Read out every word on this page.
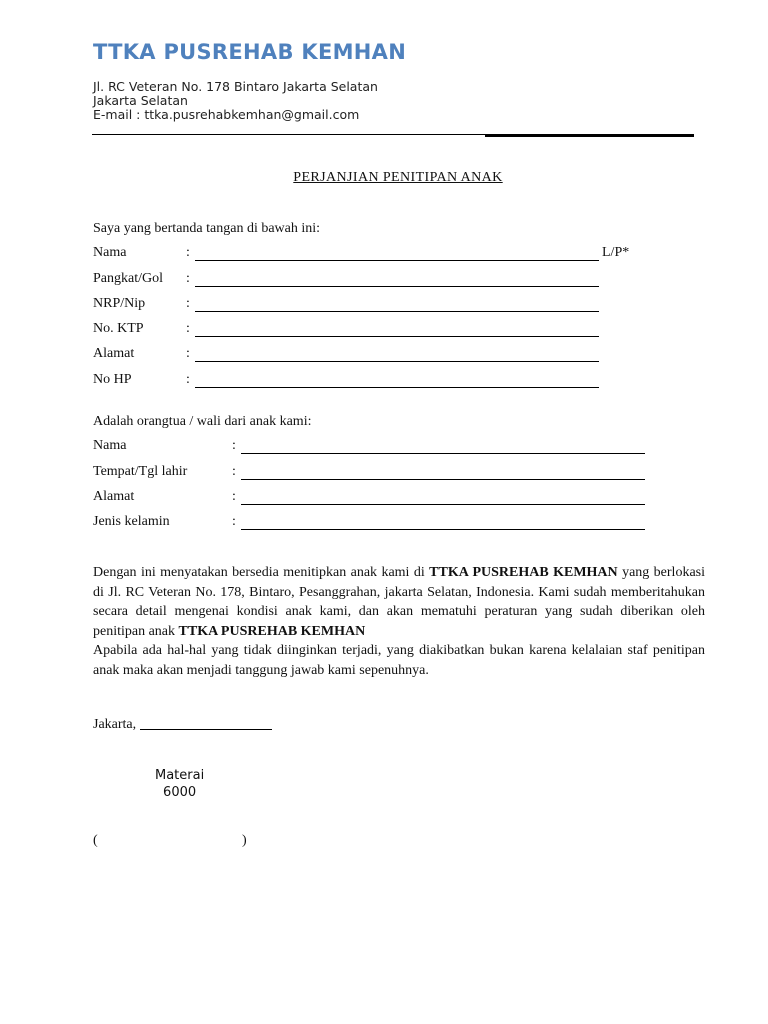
TTKA PUSREHAB KEMHAN
Jl. RC Veteran No. 178 Bintaro Jakarta Selatan
Jakarta Selatan
E-mail : ttka.pusrehabkemhan@gmail.com
PERJANJIAN PENITIPAN ANAK
Saya yang bertanda tangan di bawah ini:
Nama	:	L/P*
Pangkat/Gol :
NRP/Nip	:
No. KTP	:
Alamat	:
No HP	:
Adalah orangtua / wali dari anak kami:
Nama	:
Tempat/Tgl lahir	:
Alamat	:
Jenis kelamin	:
Dengan ini menyatakan bersedia menitipkan anak kami di TTKA PUSREHAB KEMHAN yang berlokasi di Jl. RC Veteran No. 178, Bintaro, Pesanggrahan, jakarta Selatan, Indonesia. Kami sudah memberitahukan secara detail mengenai kondisi anak kami, dan akan mematuhi peraturan yang sudah diberikan oleh penitipan anak TTKA PUSREHAB KEMHAN
Apabila ada hal-hal yang tidak diinginkan terjadi, yang diakibatkan bukan karena kelalaian staf penitipan anak maka akan menjadi tanggung jawab kami sepenuhnya.
Jakarta,
Materai
6000
(	)
